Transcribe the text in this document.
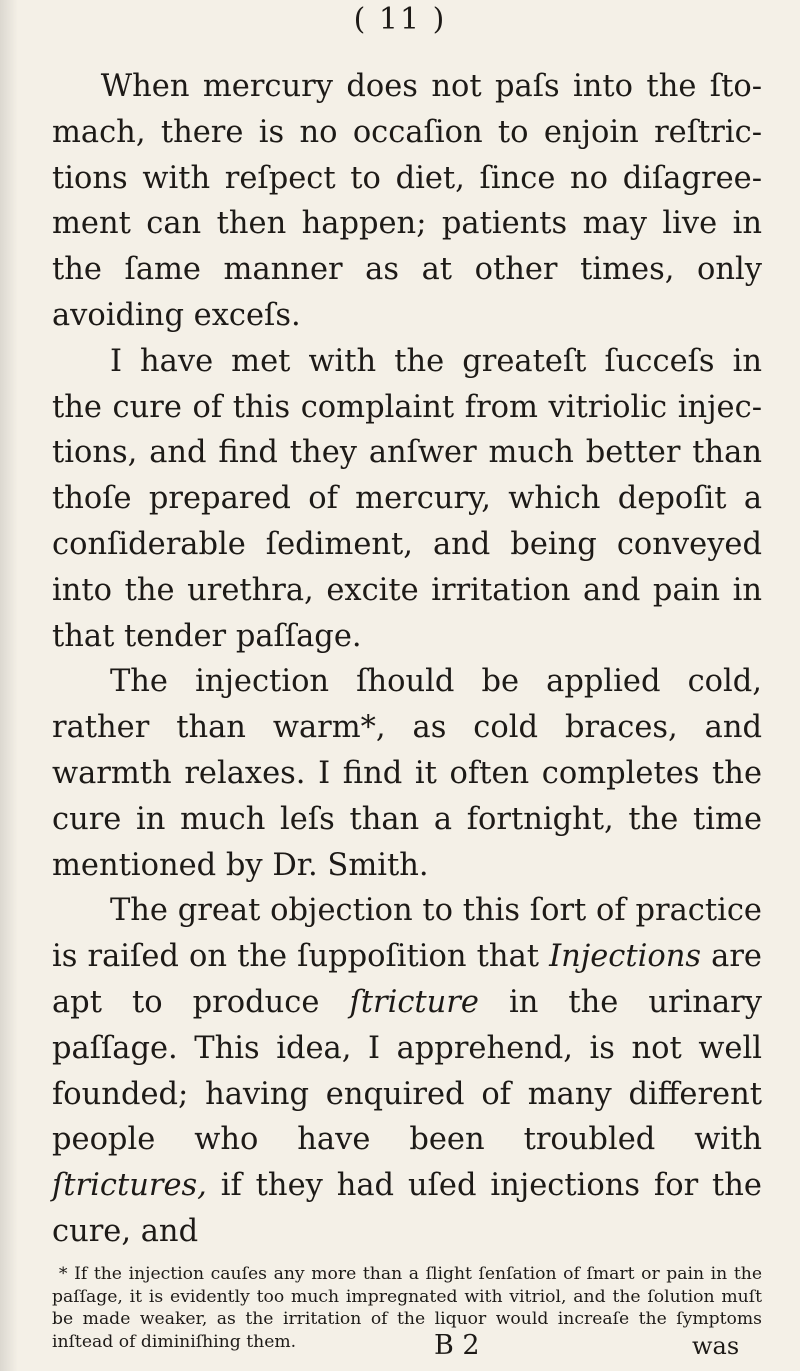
( 11 )

When mercury does not paſs into the ſtomach, there is no occaſion to enjoin reſtrictions with reſpect to diet, ſince no diſagreement can then happen; patients may live in the ſame manner as at other times, only avoiding exceſs.

I have met with the greateſt ſucceſs in the cure of this complaint from vitriolic injections, and find they anſwer much better than thoſe prepared of mercury, which depoſit a conſiderable ſediment, and being conveyed into the urethra, excite irritation and pain in that tender paſſage.

The injection ſhould be applied cold, rather than warm*, as cold braces, and warmth relaxes. I find it often completes the cure in much leſs than a fortnight, the time mentioned by Dr. Smith.

The great objection to this ſort of practice is raiſed on the ſuppoſition that Injections are apt to produce ſtricture in the urinary paſſage. This idea, I apprehend, is not well founded; having enquired of many different people who have been troubled with ſtrictures, if they had uſed injections for the cure, and

* If the injection cauſes any more than a ſlight ſenſation of ſmart or pain in the paſſage, it is evidently too much impregnated with vitriol, and the ſolution muſt be made weaker, as the irritation of the liquor would increaſe the ſymptoms inſtead of diminiſhing them.	B 2	was
